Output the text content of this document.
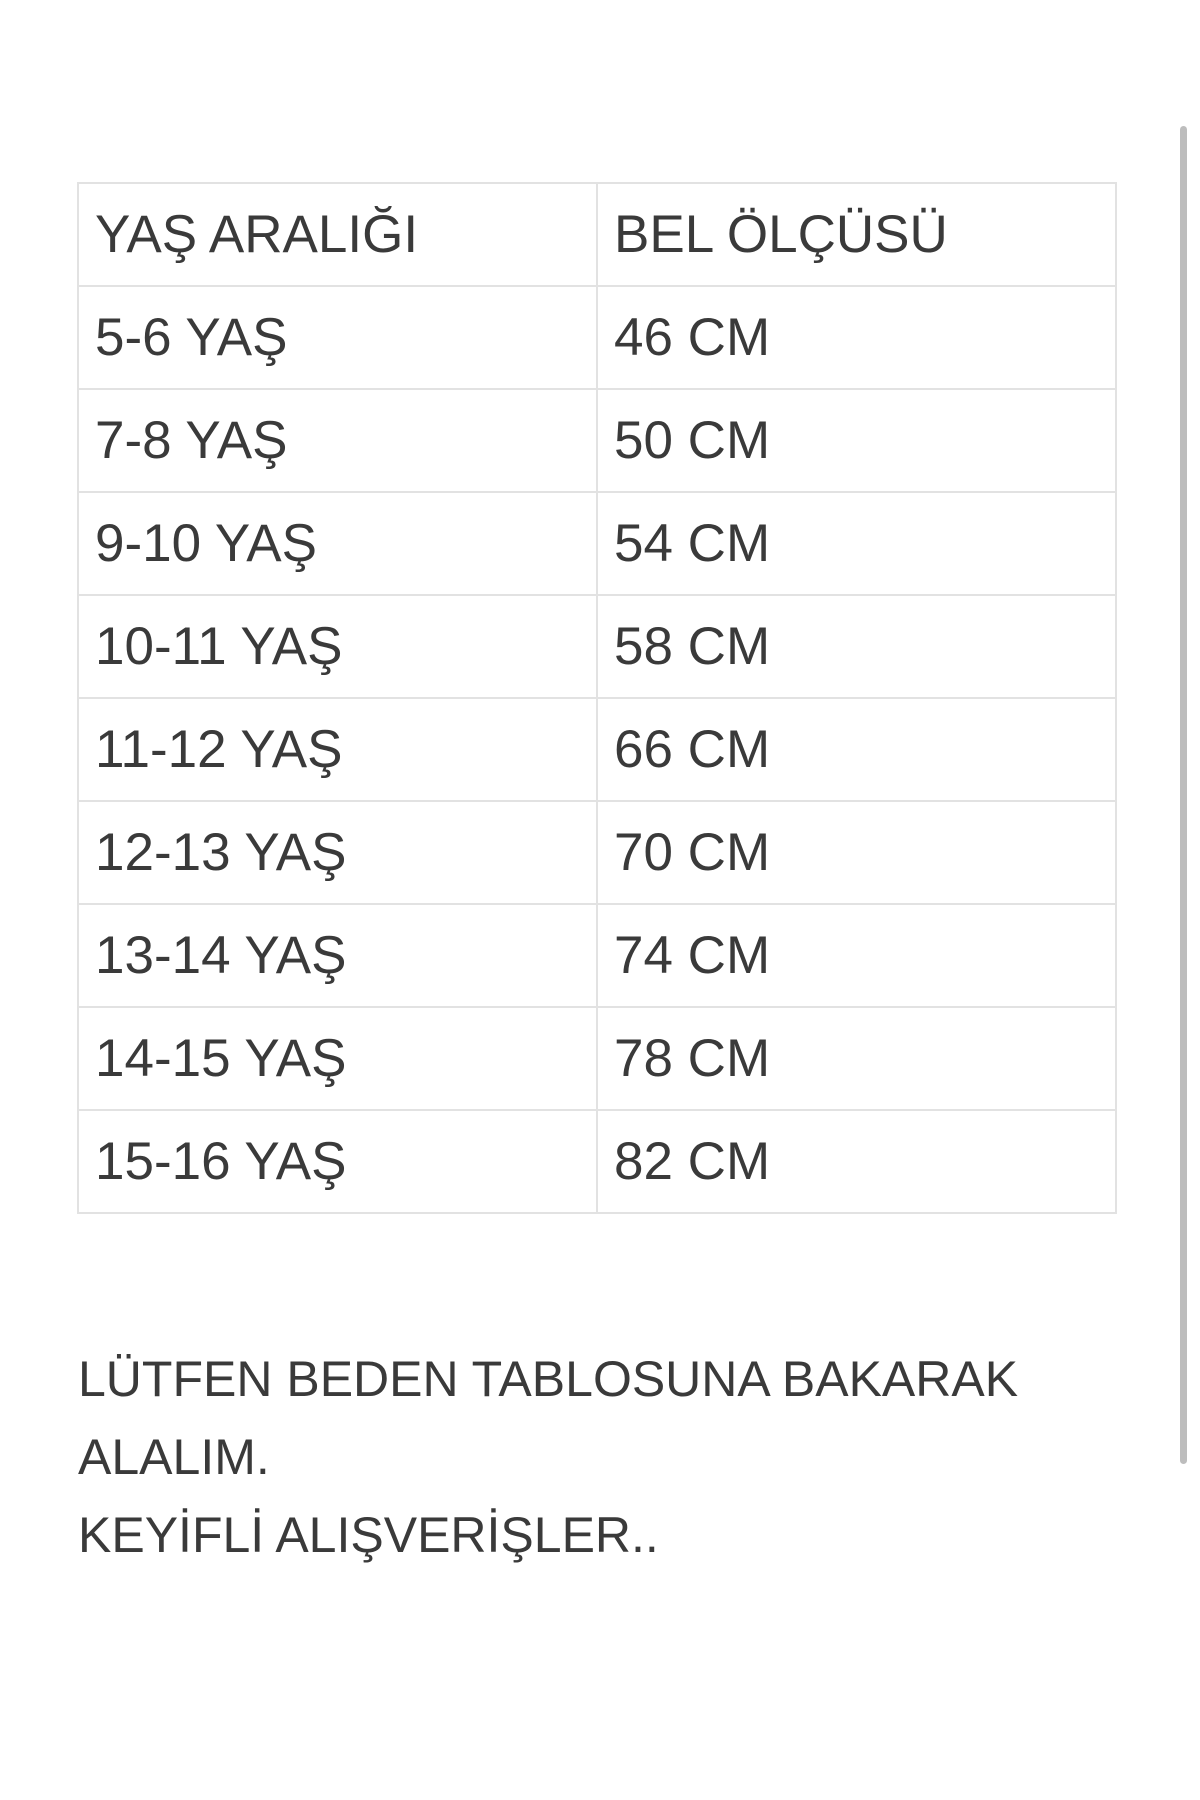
YAŞ ARALIĞI	BEL ÖLÇÜSÜ
5-6 YAŞ	46 CM
7-8 YAŞ	50 CM
9-10 YAŞ	54 CM
10-11 YAŞ	58 CM
11-12 YAŞ	66 CM
12-13 YAŞ	70 CM
13-14 YAŞ	74 CM
14-15 YAŞ	78 CM
15-16 YAŞ	82 CM
LÜTFEN BEDEN TABLOSUNA BAKARAK
ALALIM.
KEYİFLİ ALIŞVERİŞLER..
